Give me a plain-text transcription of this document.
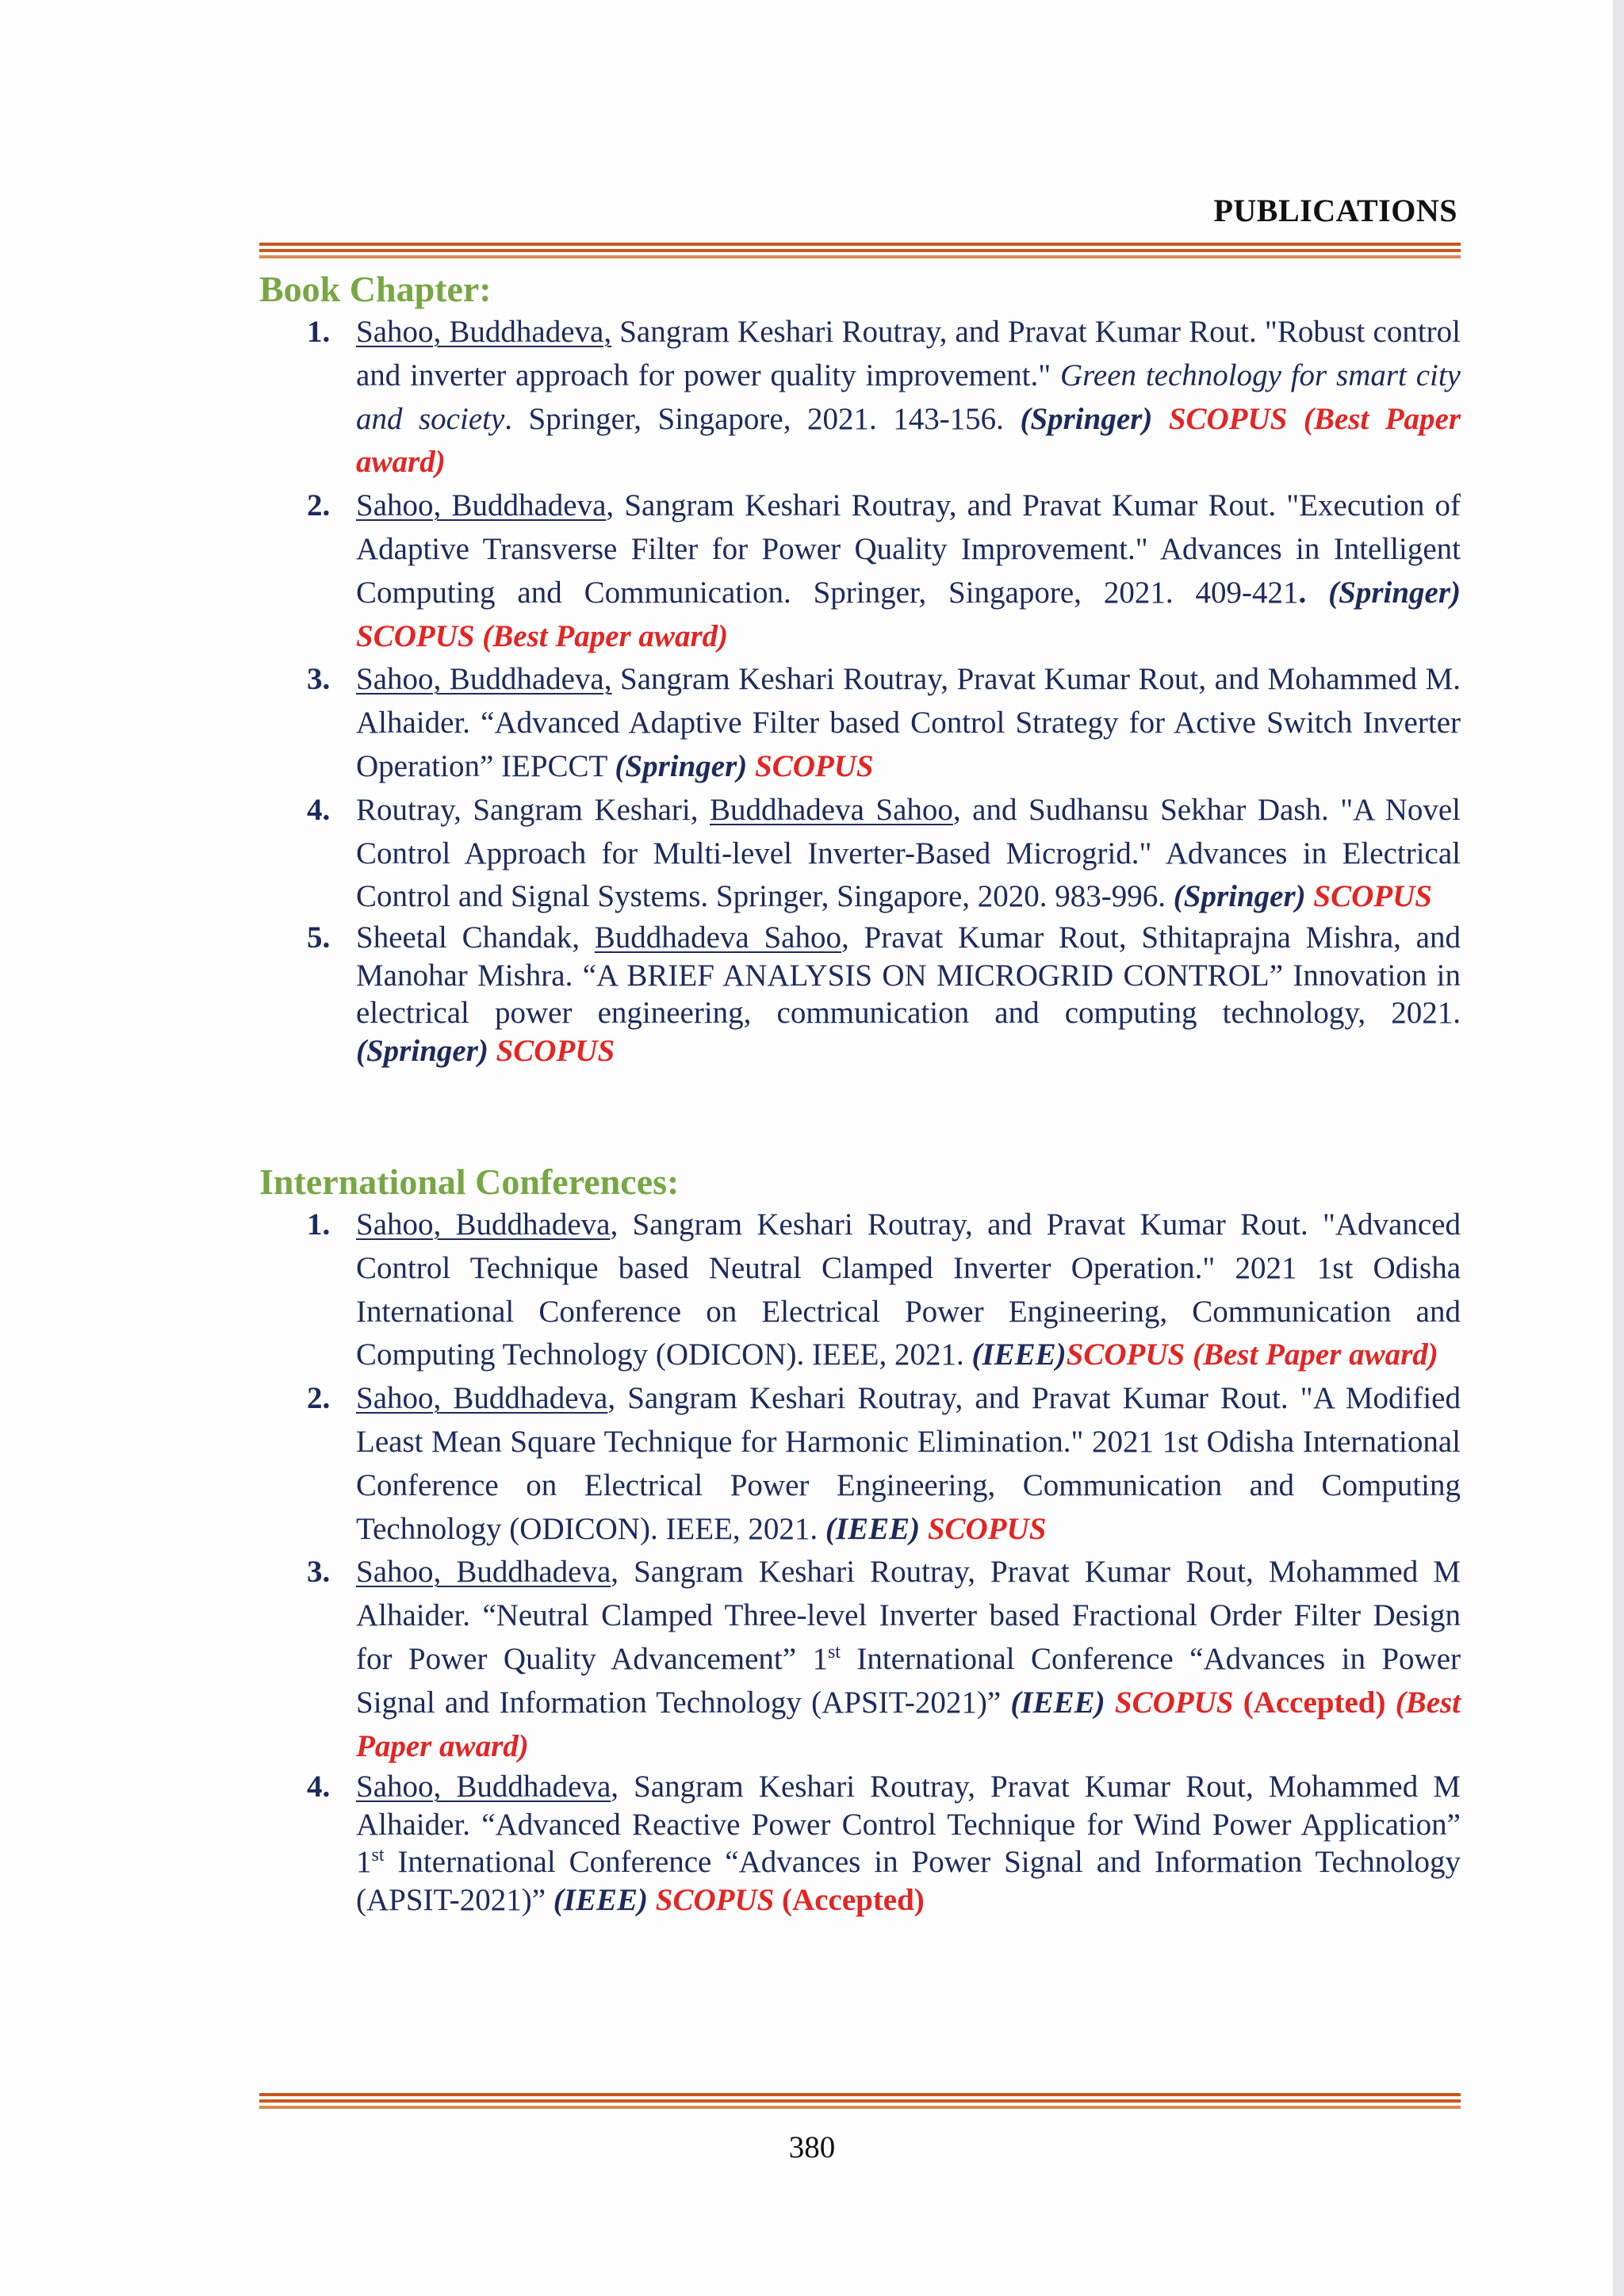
PUBLICATIONS
Book Chapter:
1. Sahoo, Buddhadeva, Sangram Keshari Routray, and Pravat Kumar Rout. "Robust control and inverter approach for power quality improvement." Green technology for smart city and society. Springer, Singapore, 2021. 143-156. (Springer) SCOPUS (Best Paper award)
2. Sahoo, Buddhadeva, Sangram Keshari Routray, and Pravat Kumar Rout. "Execution of Adaptive Transverse Filter for Power Quality Improvement." Advances in Intelligent Computing and Communication. Springer, Singapore, 2021. 409-421. (Springer) SCOPUS (Best Paper award)
3. Sahoo, Buddhadeva, Sangram Keshari Routray, Pravat Kumar Rout, and Mohammed M. Alhaider. “Advanced Adaptive Filter based Control Strategy for Active Switch Inverter Operation” IEPCCT (Springer) SCOPUS
4. Routray, Sangram Keshari, Buddhadeva Sahoo, and Sudhansu Sekhar Dash. "A Novel Control Approach for Multi-level Inverter-Based Microgrid." Advances in Electrical Control and Signal Systems. Springer, Singapore, 2020. 983-996. (Springer) SCOPUS
5. Sheetal Chandak, Buddhadeva Sahoo, Pravat Kumar Rout, Sthitaprajna Mishra, and Manohar Mishra. “A BRIEF ANALYSIS ON MICROGRID CONTROL” Innovation in electrical power engineering, communication and computing technology, 2021. (Springer) SCOPUS
International Conferences:
1. Sahoo, Buddhadeva, Sangram Keshari Routray, and Pravat Kumar Rout. "Advanced Control Technique based Neutral Clamped Inverter Operation." 2021 1st Odisha International Conference on Electrical Power Engineering, Communication and Computing Technology (ODICON). IEEE, 2021. (IEEE)SCOPUS (Best Paper award)
2. Sahoo, Buddhadeva, Sangram Keshari Routray, and Pravat Kumar Rout. "A Modified Least Mean Square Technique for Harmonic Elimination." 2021 1st Odisha International Conference on Electrical Power Engineering, Communication and Computing Technology (ODICON). IEEE, 2021. (IEEE) SCOPUS
3. Sahoo, Buddhadeva, Sangram Keshari Routray, Pravat Kumar Rout, Mohammed M Alhaider. “Neutral Clamped Three-level Inverter based Fractional Order Filter Design for Power Quality Advancement” 1st International Conference “Advances in Power Signal and Information Technology (APSIT-2021)” (IEEE) SCOPUS (Accepted) (Best Paper award)
4. Sahoo, Buddhadeva, Sangram Keshari Routray, Pravat Kumar Rout, Mohammed M Alhaider. “Advanced Reactive Power Control Technique for Wind Power Application” 1st International Conference “Advances in Power Signal and Information Technology (APSIT-2021)” (IEEE) SCOPUS (Accepted)
380
